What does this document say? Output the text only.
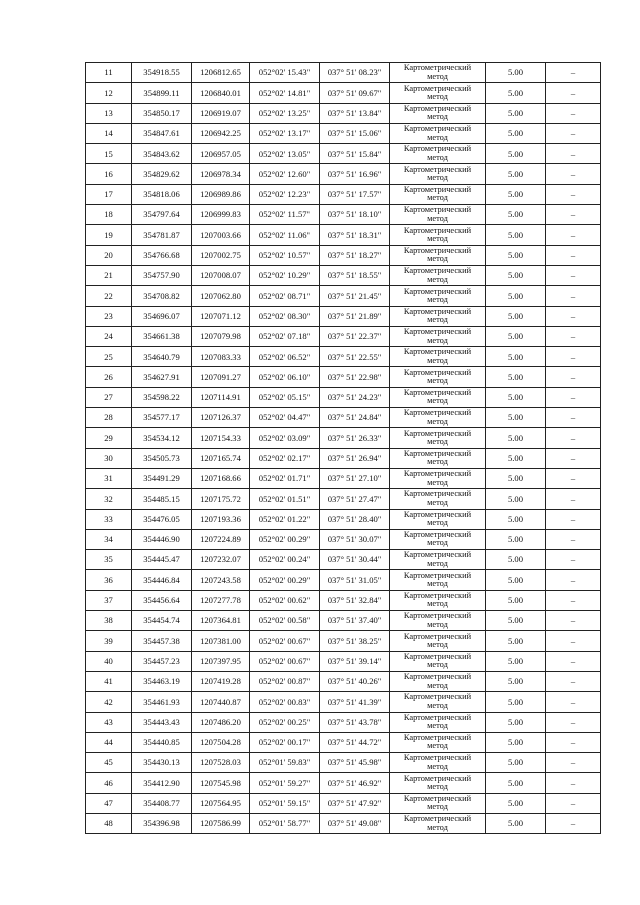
11	354918.55	1206812.65	052°02' 15.43"	037° 51' 08.23"	Картометрический
метод	5.00	–
12	354899.11	1206840.01	052°02' 14.81"	037° 51' 09.67"	Картометрический
метод	5.00	–
13	354850.17	1206919.07	052°02' 13.25"	037° 51' 13.84"	Картометрический
метод	5.00	–
14	354847.61	1206942.25	052°02' 13.17"	037° 51' 15.06"	Картометрический
метод	5.00	–
15	354843.62	1206957.05	052°02' 13.05"	037° 51' 15.84"	Картометрический
метод	5.00	–
16	354829.62	1206978.34	052°02' 12.60"	037° 51' 16.96"	Картометрический
метод	5.00	–
17	354818.06	1206989.86	052°02' 12.23"	037° 51' 17.57"	Картометрический
метод	5.00	–
18	354797.64	1206999.83	052°02' 11.57"	037° 51' 18.10"	Картометрический
метод	5.00	–
19	354781.87	1207003.66	052°02' 11.06"	037° 51' 18.31"	Картометрический
метод	5.00	–
20	354766.68	1207002.75	052°02' 10.57"	037° 51' 18.27"	Картометрический
метод	5.00	–
21	354757.90	1207008.07	052°02' 10.29"	037° 51' 18.55"	Картометрический
метод	5.00	–
22	354708.82	1207062.80	052°02' 08.71"	037° 51' 21.45"	Картометрический
метод	5.00	–
23	354696.07	1207071.12	052°02' 08.30"	037° 51' 21.89"	Картометрический
метод	5.00	–
24	354661.38	1207079.98	052°02' 07.18"	037° 51' 22.37"	Картометрический
метод	5.00	–
25	354640.79	1207083.33	052°02' 06.52"	037° 51' 22.55"	Картометрический
метод	5.00	–
26	354627.91	1207091.27	052°02' 06.10"	037° 51' 22.98"	Картометрический
метод	5.00	–
27	354598.22	1207114.91	052°02' 05.15"	037° 51' 24.23"	Картометрический
метод	5.00	–
28	354577.17	1207126.37	052°02' 04.47"	037° 51' 24.84"	Картометрический
метод	5.00	–
29	354534.12	1207154.33	052°02' 03.09"	037° 51' 26.33"	Картометрический
метод	5.00	–
30	354505.73	1207165.74	052°02' 02.17"	037° 51' 26.94"	Картометрический
метод	5.00	–
31	354491.29	1207168.66	052°02' 01.71"	037° 51' 27.10"	Картометрический
метод	5.00	–
32	354485.15	1207175.72	052°02' 01.51"	037° 51' 27.47"	Картометрический
метод	5.00	–
33	354476.05	1207193.36	052°02' 01.22"	037° 51' 28.40"	Картометрический
метод	5.00	–
34	354446.90	1207224.89	052°02' 00.29"	037° 51' 30.07"	Картометрический
метод	5.00	–
35	354445.47	1207232.07	052°02' 00.24"	037° 51' 30.44"	Картометрический
метод	5.00	–
36	354446.84	1207243.58	052°02' 00.29"	037° 51' 31.05"	Картометрический
метод	5.00	–
37	354456.64	1207277.78	052°02' 00.62"	037° 51' 32.84"	Картометрический
метод	5.00	–
38	354454.74	1207364.81	052°02' 00.58"	037° 51' 37.40"	Картометрический
метод	5.00	–
39	354457.38	1207381.00	052°02' 00.67"	037° 51' 38.25"	Картометрический
метод	5.00	–
40	354457.23	1207397.95	052°02' 00.67"	037° 51' 39.14"	Картометрический
метод	5.00	–
41	354463.19	1207419.28	052°02' 00.87"	037° 51' 40.26"	Картометрический
метод	5.00	–
42	354461.93	1207440.87	052°02' 00.83"	037° 51' 41.39"	Картометрический
метод	5.00	–
43	354443.43	1207486.20	052°02' 00.25"	037° 51' 43.78"	Картометрический
метод	5.00	–
44	354440.85	1207504.28	052°02' 00.17"	037° 51' 44.72"	Картометрический
метод	5.00	–
45	354430.13	1207528.03	052°01' 59.83"	037° 51' 45.98"	Картометрический
метод	5.00	–
46	354412.90	1207545.98	052°01' 59.27"	037° 51' 46.92"	Картометрический
метод	5.00	–
47	354408.77	1207564.95	052°01' 59.15"	037° 51' 47.92"	Картометрический
метод	5.00	–
48	354396.98	1207586.99	052°01' 58.77"	037° 51' 49.08"	Картометрический
метод	5.00	–
